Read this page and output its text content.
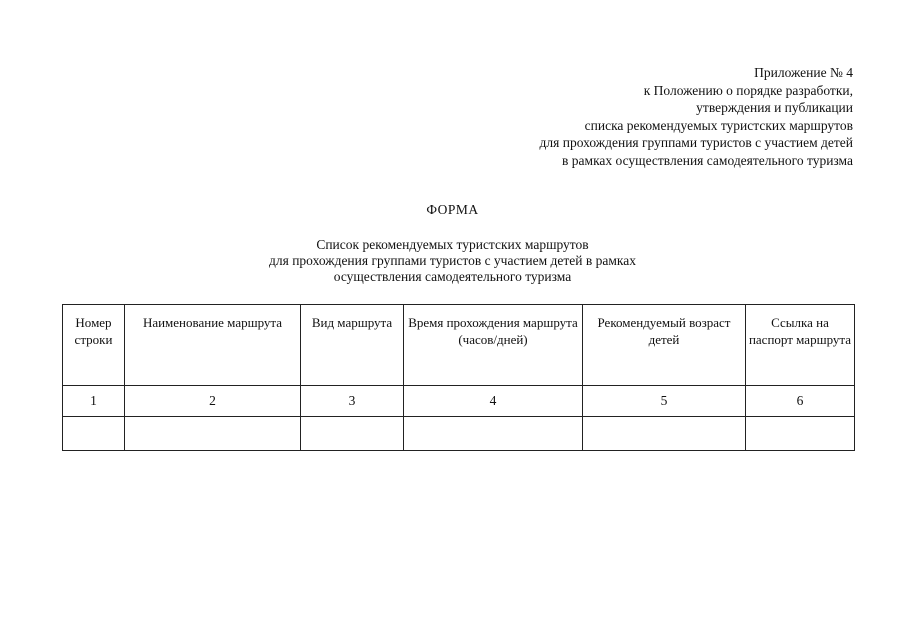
Приложение № 4
к Положению о порядке разработки,
утверждения и публикации
списка рекомендуемых туристских маршрутов
для прохождения группами туристов с участием детей
в рамках осуществления самодеятельного туризма
ФОРМА
Список рекомендуемых туристских маршрутов
для прохождения группами туристов с участием детей в рамках
осуществления самодеятельного туризма
Номер строки	Наименование маршрута	Вид маршрута	Время прохождения маршрута (часов/дней)	Рекомендуемый возраст детей	Ссылка на паспорт маршрута
1	2	3	4	5	6
